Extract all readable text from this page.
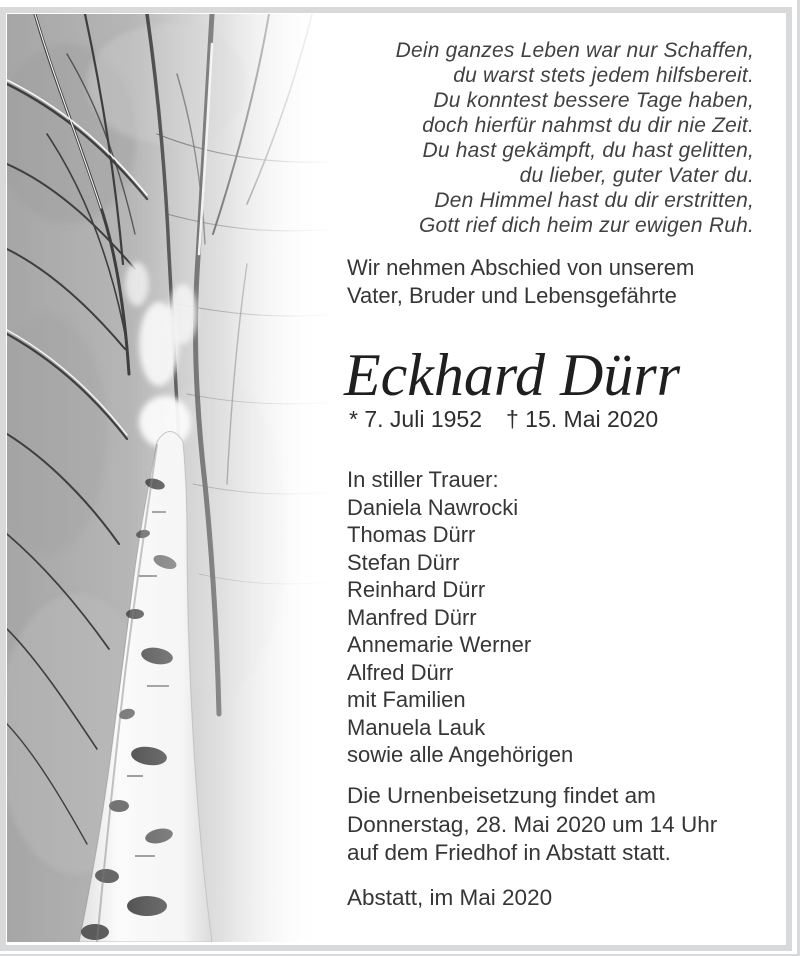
Dein ganzes Leben war nur Schaffen,
du warst stets jedem hilfsbereit.
Du konntest bessere Tage haben,
doch hierfür nahmst du dir nie Zeit.
Du hast gekämpft, du hast gelitten,
du lieber, guter Vater du.
Den Himmel hast du dir erstritten,
Gott rief dich heim zur ewigen Ruh.
Wir nehmen Abschied von unserem
Vater, Bruder und Lebensgefährte
Eckhard Dürr
* 7. Juli 1952 † 15. Mai 2020
In stiller Trauer:
Daniela Nawrocki
Thomas Dürr
Stefan Dürr
Reinhard Dürr
Manfred Dürr
Annemarie Werner
Alfred Dürr
mit Familien
Manuela Lauk
sowie alle Angehörigen
Die Urnenbeisetzung findet am
Donnerstag, 28. Mai 2020 um 14 Uhr
auf dem Friedhof in Abstatt statt.
Abstatt, im Mai 2020
